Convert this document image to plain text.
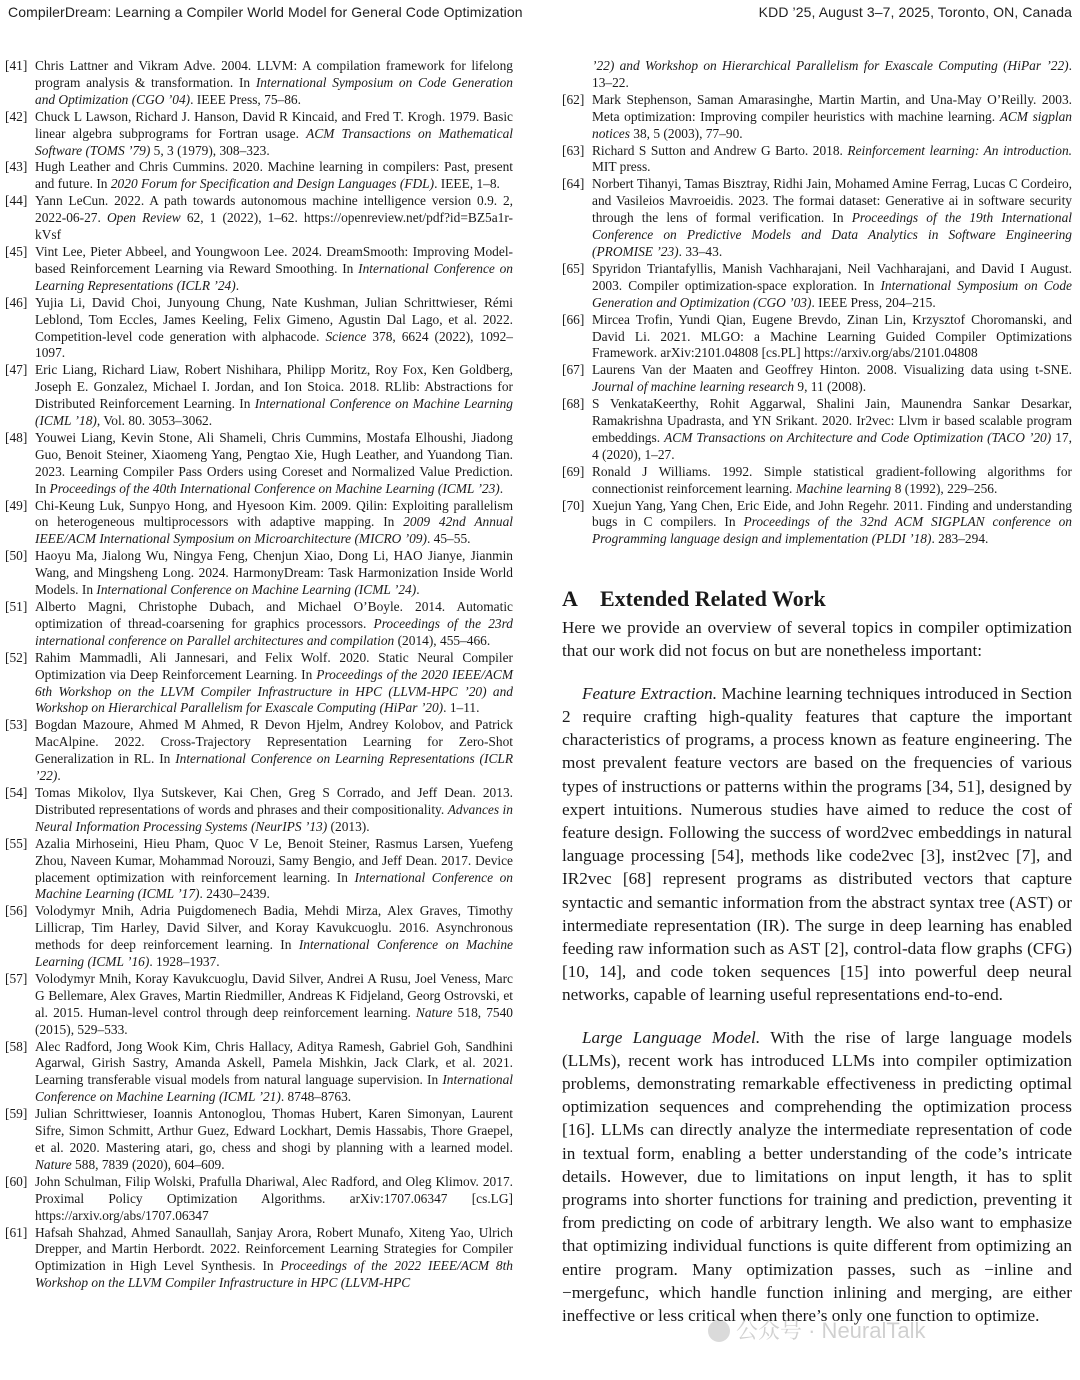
CompilerDream: Learning a Compiler World Model for General Code Optimization	KDD ’25, August 3–7, 2025, Toronto, ON, Canada
[41] Chris Lattner and Vikram Adve. 2004. LLVM: A compilation framework for lifelong program analysis & transformation. In International Symposium on Code Generation and Optimization (CGO ’04). IEEE Press, 75–86.
[42] Chuck L Lawson, Richard J. Hanson, David R Kincaid, and Fred T. Krogh. 1979. Basic linear algebra subprograms for Fortran usage. ACM Transactions on Mathematical Software (TOMS ’79) 5, 3 (1979), 308–323.
[43] Hugh Leather and Chris Cummins. 2020. Machine learning in compilers: Past, present and future. In 2020 Forum for Specification and Design Languages (FDL). IEEE, 1–8.
[44] Yann LeCun. 2022. A path towards autonomous machine intelligence version 0.9. 2, 2022-06-27. Open Review 62, 1 (2022), 1–62. https://openreview.net/pdf?id=BZ5a1r-kVsf
[45] Vint Lee, Pieter Abbeel, and Youngwoon Lee. 2024. DreamSmooth: Improving Model-based Reinforcement Learning via Reward Smoothing. In International Conference on Learning Representations (ICLR ’24).
[46] Yujia Li, David Choi, Junyoung Chung, Nate Kushman, Julian Schrittwieser, Rémi Leblond, Tom Eccles, James Keeling, Felix Gimeno, Agustin Dal Lago, et al. 2022. Competition-level code generation with alphacode. Science 378, 6624 (2022), 1092–1097.
[47] Eric Liang, Richard Liaw, Robert Nishihara, Philipp Moritz, Roy Fox, Ken Goldberg, Joseph E. Gonzalez, Michael I. Jordan, and Ion Stoica. 2018. RLlib: Abstractions for Distributed Reinforcement Learning. In International Conference on Machine Learning (ICML ’18), Vol. 80. 3053–3062.
[48] Youwei Liang, Kevin Stone, Ali Shameli, Chris Cummins, Mostafa Elhoushi, Jiadong Guo, Benoit Steiner, Xiaomeng Yang, Pengtao Xie, Hugh Leather, and Yuandong Tian. 2023. Learning Compiler Pass Orders using Coreset and Normalized Value Prediction. In Proceedings of the 40th International Conference on Machine Learning (ICML ’23).
[49] Chi-Keung Luk, Sunpyo Hong, and Hyesoon Kim. 2009. Qilin: Exploiting parallelism on heterogeneous multiprocessors with adaptive mapping. In 2009 42nd Annual IEEE/ACM International Symposium on Microarchitecture (MICRO ’09). 45–55.
[50] Haoyu Ma, Jialong Wu, Ningya Feng, Chenjun Xiao, Dong Li, HAO Jianye, Jianmin Wang, and Mingsheng Long. 2024. HarmonyDream: Task Harmonization Inside World Models. In International Conference on Machine Learning (ICML ’24).
[51] Alberto Magni, Christophe Dubach, and Michael O’Boyle. 2014. Automatic optimization of thread-coarsening for graphics processors. Proceedings of the 23rd international conference on Parallel architectures and compilation (2014), 455–466.
[52] Rahim Mammadli, Ali Jannesari, and Felix Wolf. 2020. Static Neural Compiler Optimization via Deep Reinforcement Learning. In Proceedings of the 2020 IEEE/ACM 6th Workshop on the LLVM Compiler Infrastructure in HPC (LLVM-HPC ’20) and Workshop on Hierarchical Parallelism for Exascale Computing (HiPar ’20). 1–11.
[53] Bogdan Mazoure, Ahmed M Ahmed, R Devon Hjelm, Andrey Kolobov, and Patrick MacAlpine. 2022. Cross-Trajectory Representation Learning for Zero-Shot Generalization in RL. In International Conference on Learning Representations (ICLR ’22).
[54] Tomas Mikolov, Ilya Sutskever, Kai Chen, Greg S Corrado, and Jeff Dean. 2013. Distributed representations of words and phrases and their compositionality. Advances in Neural Information Processing Systems (NeurIPS ’13) (2013).
[55] Azalia Mirhoseini, Hieu Pham, Quoc V Le, Benoit Steiner, Rasmus Larsen, Yuefeng Zhou, Naveen Kumar, Mohammad Norouzi, Samy Bengio, and Jeff Dean. 2017. Device placement optimization with reinforcement learning. In International Conference on Machine Learning (ICML ’17). 2430–2439.
[56] Volodymyr Mnih, Adria Puigdomenech Badia, Mehdi Mirza, Alex Graves, Timothy Lillicrap, Tim Harley, David Silver, and Koray Kavukcuoglu. 2016. Asynchronous methods for deep reinforcement learning. In International Conference on Machine Learning (ICML ’16). 1928–1937.
[57] Volodymyr Mnih, Koray Kavukcuoglu, David Silver, Andrei A Rusu, Joel Veness, Marc G Bellemare, Alex Graves, Martin Riedmiller, Andreas K Fidjeland, Georg Ostrovski, et al. 2015. Human-level control through deep reinforcement learning. Nature 518, 7540 (2015), 529–533.
[58] Alec Radford, Jong Wook Kim, Chris Hallacy, Aditya Ramesh, Gabriel Goh, Sandhini Agarwal, Girish Sastry, Amanda Askell, Pamela Mishkin, Jack Clark, et al. 2021. Learning transferable visual models from natural language supervision. In International Conference on Machine Learning (ICML ’21). 8748–8763.
[59] Julian Schrittwieser, Ioannis Antonoglou, Thomas Hubert, Karen Simonyan, Laurent Sifre, Simon Schmitt, Arthur Guez, Edward Lockhart, Demis Hassabis, Thore Graepel, et al. 2020. Mastering atari, go, chess and shogi by planning with a learned model. Nature 588, 7839 (2020), 604–609.
[60] John Schulman, Filip Wolski, Prafulla Dhariwal, Alec Radford, and Oleg Klimov. 2017. Proximal Policy Optimization Algorithms. arXiv:1707.06347 [cs.LG] https://arxiv.org/abs/1707.06347
[61] Hafsah Shahzad, Ahmed Sanaullah, Sanjay Arora, Robert Munafo, Xiteng Yao, Ulrich Drepper, and Martin Herbordt. 2022. Reinforcement Learning Strategies for Compiler Optimization in High Level Synthesis. In Proceedings of the 2022 IEEE/ACM 8th Workshop on the LLVM Compiler Infrastructure in HPC (LLVM-HPC
’22) and Workshop on Hierarchical Parallelism for Exascale Computing (HiPar ’22). 13–22.
[62] Mark Stephenson, Saman Amarasinghe, Martin Martin, and Una-May O’Reilly. 2003. Meta optimization: Improving compiler heuristics with machine learning. ACM sigplan notices 38, 5 (2003), 77–90.
[63] Richard S Sutton and Andrew G Barto. 2018. Reinforcement learning: An introduction. MIT press.
[64] Norbert Tihanyi, Tamas Bisztray, Ridhi Jain, Mohamed Amine Ferrag, Lucas C Cordeiro, and Vasileios Mavroeidis. 2023. The formai dataset: Generative ai in software security through the lens of formal verification. In Proceedings of the 19th International Conference on Predictive Models and Data Analytics in Software Engineering (PROMISE ’23). 33–43.
[65] Spyridon Triantafyllis, Manish Vachharajani, Neil Vachharajani, and David I August. 2003. Compiler optimization-space exploration. In International Symposium on Code Generation and Optimization (CGO ’03). IEEE Press, 204–215.
[66] Mircea Trofin, Yundi Qian, Eugene Brevdo, Zinan Lin, Krzysztof Choromanski, and David Li. 2021. MLGO: a Machine Learning Guided Compiler Optimizations Framework. arXiv:2101.04808 [cs.PL] https://arxiv.org/abs/2101.04808
[67] Laurens Van der Maaten and Geoffrey Hinton. 2008. Visualizing data using t-SNE. Journal of machine learning research 9, 11 (2008).
[68] S VenkataKeerthy, Rohit Aggarwal, Shalini Jain, Maunendra Sankar Desarkar, Ramakrishna Upadrasta, and YN Srikant. 2020. Ir2vec: Llvm ir based scalable program embeddings. ACM Transactions on Architecture and Code Optimization (TACO ’20) 17, 4 (2020), 1–27.
[69] Ronald J Williams. 1992. Simple statistical gradient-following algorithms for connectionist reinforcement learning. Machine learning 8 (1992), 229–256.
[70] Xuejun Yang, Yang Chen, Eric Eide, and John Regehr. 2011. Finding and understanding bugs in C compilers. In Proceedings of the 32nd ACM SIGPLAN conference on Programming language design and implementation (PLDI ’18). 283–294.
A Extended Related Work

Here we provide an overview of several topics in compiler optimization that our work did not focus on but are nonetheless important:

Feature Extraction. Machine learning techniques introduced in Section 2 require crafting high-quality features that capture the important characteristics of programs, a process known as feature engineering. The most prevalent feature vectors are based on the frequencies of various types of instructions or patterns within the programs [34, 51], designed by expert intuitions. Numerous studies have aimed to reduce the cost of feature design. Following the success of word2vec embeddings in natural language processing [54], methods like code2vec [3], inst2vec [7], and IR2vec [68] represent programs as distributed vectors that capture syntactic and semantic information from the abstract syntax tree (AST) or intermediate representation (IR). The surge in deep learning has enabled feeding raw information such as AST [2], control-data flow graphs (CFG) [10, 14], and code token sequences [15] into powerful deep neural networks, capable of learning useful representations end-to-end.

Large Language Model. With the rise of large language models (LLMs), recent work has introduced LLMs into compiler optimization problems, demonstrating remarkable effectiveness in predicting optimal optimization sequences and comprehending the optimization process [16]. LLMs can directly analyze the intermediate representation of code in textual form, enabling a better understanding of the code’s intricate details. However, due to limitations on input length, it has to split programs into shorter functions for training and prediction, preventing it from predicting on code of arbitrary length. We also want to emphasize that optimizing individual functions is quite different from optimizing an entire program. Many optimization passes, such as −inline and −mergefunc, which handle function inlining and merging, are either ineffective or less critical when there’s only one function to optimize.

公众号 · NeuralTalk
